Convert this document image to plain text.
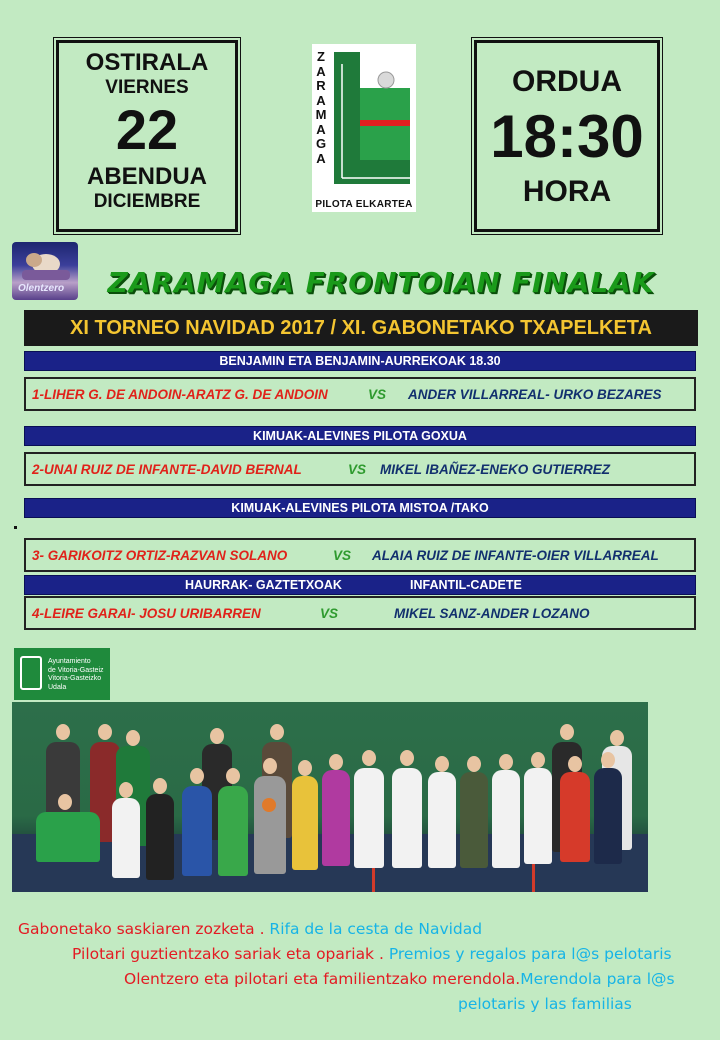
OSTIRALA
VIERNES
22
ABENDUA
DICIEMBRE
Z
A
R
A
M
A
G
A
PILOTA ELKARTEA
ORDUA
18:30
HORA
Olentzero	ZARAMAGA FRONTOIAN FINALAK
XI TORNEO NAVIDAD 2017 / XI. GABONETAKO TXAPELKETA
BENJAMIN ETA BENJAMIN-AURREKOAK 18.30
1-LIHER G. DE ANDOIN-ARATZ G. DE ANDOIN	VS ANDER VILLARREAL- URKO BEZARES
KIMUAK-ALEVINES PILOTA GOXUA
2-UNAI RUIZ DE INFANTE-DAVID BERNAL	VS MIKEL IBAÑEZ-ENEKO GUTIERREZ
KIMUAK-ALEVINES PILOTA MISTOA /TAKO
3- GARIKOITZ ORTIZ-RAZVAN SOLANO	VS ALAIA RUIZ DE INFANTE-OIER VILLARREAL
HAURRAK- GAZTETXOAK	INFANTIL-CADETE
4-LEIRE GARAI- JOSU URIBARREN	VS	MIKEL SANZ-ANDER LOZANO
Ayuntamiento
de Vitoria-Gasteiz
Vitoria-Gasteizko
Udala
Gabonetako saskiaren zozketa . Rifa de la cesta de Navidad
Pilotari guztientzako sariak eta opariak . Premios y regalos para l@s pelotaris
Olentzero eta pilotari eta familientzako merendola.Merendola para l@s
pelotaris y las familias
